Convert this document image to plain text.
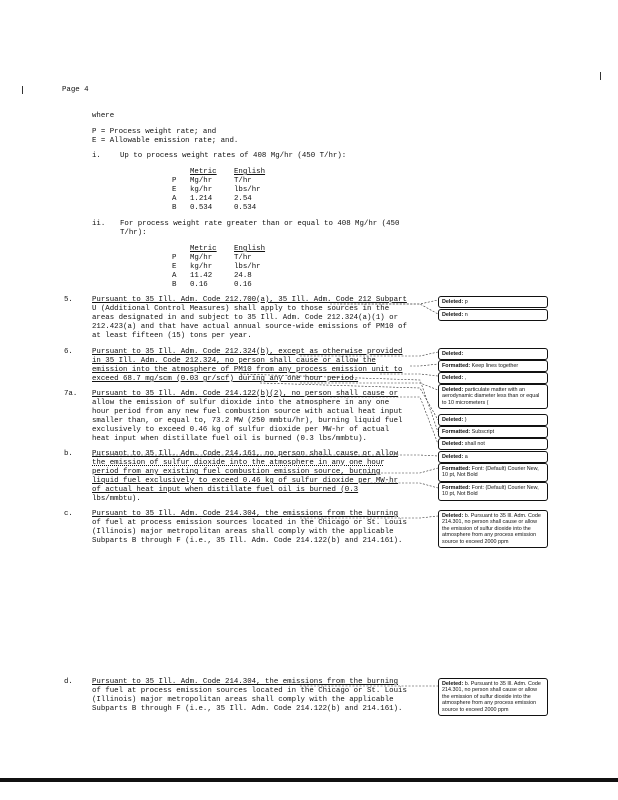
Page 4
where
P = Process weight rate; and
E = Allowable emission rate; and.
i.	Up to process weight rates of 408 Mg/hr (450 T/hr):
	Metric	English
P	Mg/hr	T/hr
E	kg/hr	lbs/hr
A	1.214	2.54
B	0.534	0.534
ii. For process weight rate greater than or equal to 408 Mg/hr (450
T/hr):
	Metric	English
P	Mg/hr	T/hr
E	kg/hr	lbs/hr
A	11.42	24.8
B	0.16	0.16
5.	Pursuant to 35 Ill. Adm. Code 212.700(a), 35 Ill. Adm. Code 212 Subpart
U (Additional Control Measures) shall apply to those sources in the
areas designated in and subject to 35 Ill. Adm. Code 212.324(a)(1) or
212.423(a) and that have actual annual source-wide emissions of PM10 of
at least fifteen (15) tons per year.
6.	Pursuant to 35 Ill. Adm. Code 212.324(b), except as otherwise provided
in 35 Ill. Adm. Code 212.324, no person shall cause or allow the
emission into the atmosphere of PM10 from any process emission unit to
exceed 68.7 mg/scm (0.03 gr/scf) during any one hour period.
7a. Pursuant to 35 Ill. Adm. Code 214.122(b)(2), no person shall cause or
allow the emission of sulfur dioxide into the atmosphere in any one
hour period from any new fuel combustion source with actual heat input
smaller than, or equal to, 73.2 MW (250 mmbtu/hr), burning liquid fuel
exclusively to exceed 0.46 kg of sulfur dioxide per MW-hr of actual
heat input when distillate fuel oil is burned (0.3 lbs/mmbtu).
b.	Pursuant to 35 Ill. Adm. Code 214.161, no person shall cause or allow
the emission of sulfur dioxide into the atmosphere in any one hour
period from any existing fuel combustion emission source, burning
liquid fuel exclusively to exceed 0.46 kg of sulfur dioxide per MW-hr
of actual heat input when distillate fuel oil is burned (0.3
lbs/mmbtu).
c.	Pursuant to 35 Ill. Adm. Code 214.304, the emissions from the burning
of fuel at process emission sources located in the Chicago or St. Louis
(Illinois) major metropolitan areas shall comply with the applicable
Subparts B through F (i.e., 35 Ill. Adm. Code 214.122(b) and 214.161).
d.	Pursuant to 35 Ill. Adm. Code 214.304, the emissions from the burning
of fuel at process emission sources located in the Chicago or St. Louis
(Illinois) major metropolitan areas shall comply with the applicable
Subparts B through F (i.e., 35 Ill. Adm. Code 214.122(b) and 214.161).
Deleted: p
Deleted: n
Deleted:
Formatted: Keep lines together
Deleted: ,
Deleted: particulate matter with an aerodynamic diameter less than or equal to 10 micrometers (
Deleted: )
Formatted: Subscript
Deleted: shall not
Deleted: a
Formatted: Font: (Default) Courier New, 10 pt, Not Bold
Formatted: Font: (Default) Courier New, 10 pt, Not Bold
Deleted: b. Pursuant to 35 Ill. Adm. Code 214.301, no person shall cause or allow the emission of sulfur dioxide into the atmosphere from any process emission source to exceed 2000 ppm
Deleted: b. Pursuant to 35 Ill. Adm. Code 214.301, no person shall cause or allow the emission of sulfur dioxide into the atmosphere from any process emission source to exceed 2000 ppm
